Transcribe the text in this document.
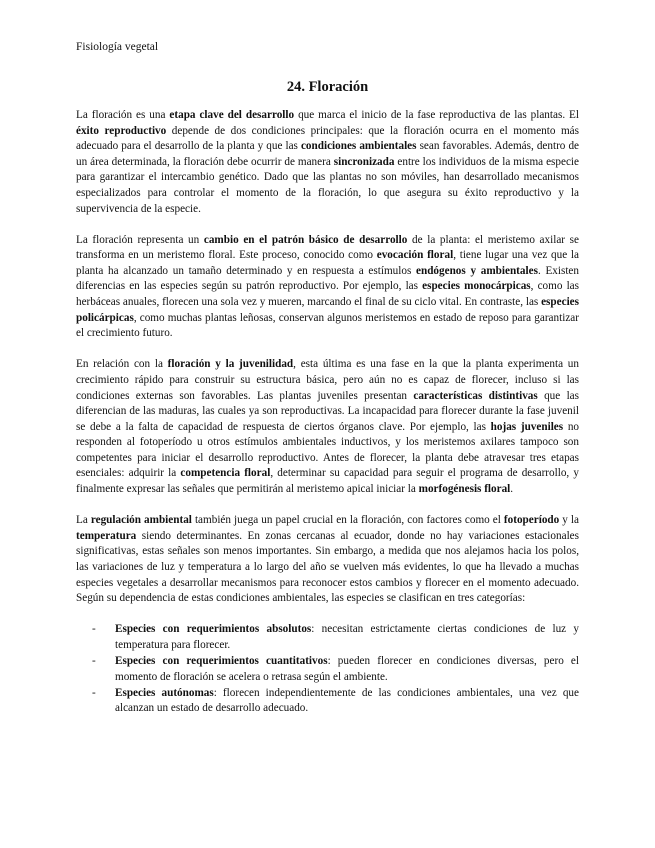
Fisiología vegetal
24. Floración

La floración es una etapa clave del desarrollo que marca el inicio de la fase reproductiva de las plantas. El éxito reproductivo depende de dos condiciones principales: que la floración ocurra en el momento más adecuado para el desarrollo de la planta y que las condiciones ambientales sean favorables. Además, dentro de un área determinada, la floración debe ocurrir de manera sincronizada entre los individuos de la misma especie para garantizar el intercambio genético. Dado que las plantas no son móviles, han desarrollado mecanismos especializados para controlar el momento de la floración, lo que asegura su éxito reproductivo y la supervivencia de la especie.

La floración representa un cambio en el patrón básico de desarrollo de la planta: el meristemo axilar se transforma en un meristemo floral. Este proceso, conocido como evocación floral, tiene lugar una vez que la planta ha alcanzado un tamaño determinado y en respuesta a estímulos endógenos y ambientales. Existen diferencias en las especies según su patrón reproductivo. Por ejemplo, las especies monocárpicas, como las herbáceas anuales, florecen una sola vez y mueren, marcando el final de su ciclo vital. En contraste, las especies policárpicas, como muchas plantas leñosas, conservan algunos meristemos en estado de reposo para garantizar el crecimiento futuro.

En relación con la floración y la juvenilidad, esta última es una fase en la que la planta experimenta un crecimiento rápido para construir su estructura básica, pero aún no es capaz de florecer, incluso si las condiciones externas son favorables. Las plantas juveniles presentan características distintivas que las diferencian de las maduras, las cuales ya son reproductivas. La incapacidad para florecer durante la fase juvenil se debe a la falta de capacidad de respuesta de ciertos órganos clave. Por ejemplo, las hojas juveniles no responden al fotoperíodo u otros estímulos ambientales inductivos, y los meristemos axilares tampoco son competentes para iniciar el desarrollo reproductivo. Antes de florecer, la planta debe atravesar tres etapas esenciales: adquirir la competencia floral, determinar su capacidad para seguir el programa de desarrollo, y finalmente expresar las señales que permitirán al meristemo apical iniciar la morfogénesis floral.

La regulación ambiental también juega un papel crucial en la floración, con factores como el fotoperíodo y la temperatura siendo determinantes. En zonas cercanas al ecuador, donde no hay variaciones estacionales significativas, estas señales son menos importantes. Sin embargo, a medida que nos alejamos hacia los polos, las variaciones de luz y temperatura a lo largo del año se vuelven más evidentes, lo que ha llevado a muchas especies vegetales a desarrollar mecanismos para reconocer estos cambios y florecer en el momento adecuado. Según su dependencia de estas condiciones ambientales, las especies se clasifican en tres categorías:

- Especies con requerimientos absolutos: necesitan estrictamente ciertas condiciones de luz y temperatura para florecer.
- Especies con requerimientos cuantitativos: pueden florecer en condiciones diversas, pero el momento de floración se acelera o retrasa según el ambiente.
- Especies autónomas: florecen independientemente de las condiciones ambientales, una vez que alcanzan un estado de desarrollo adecuado.
